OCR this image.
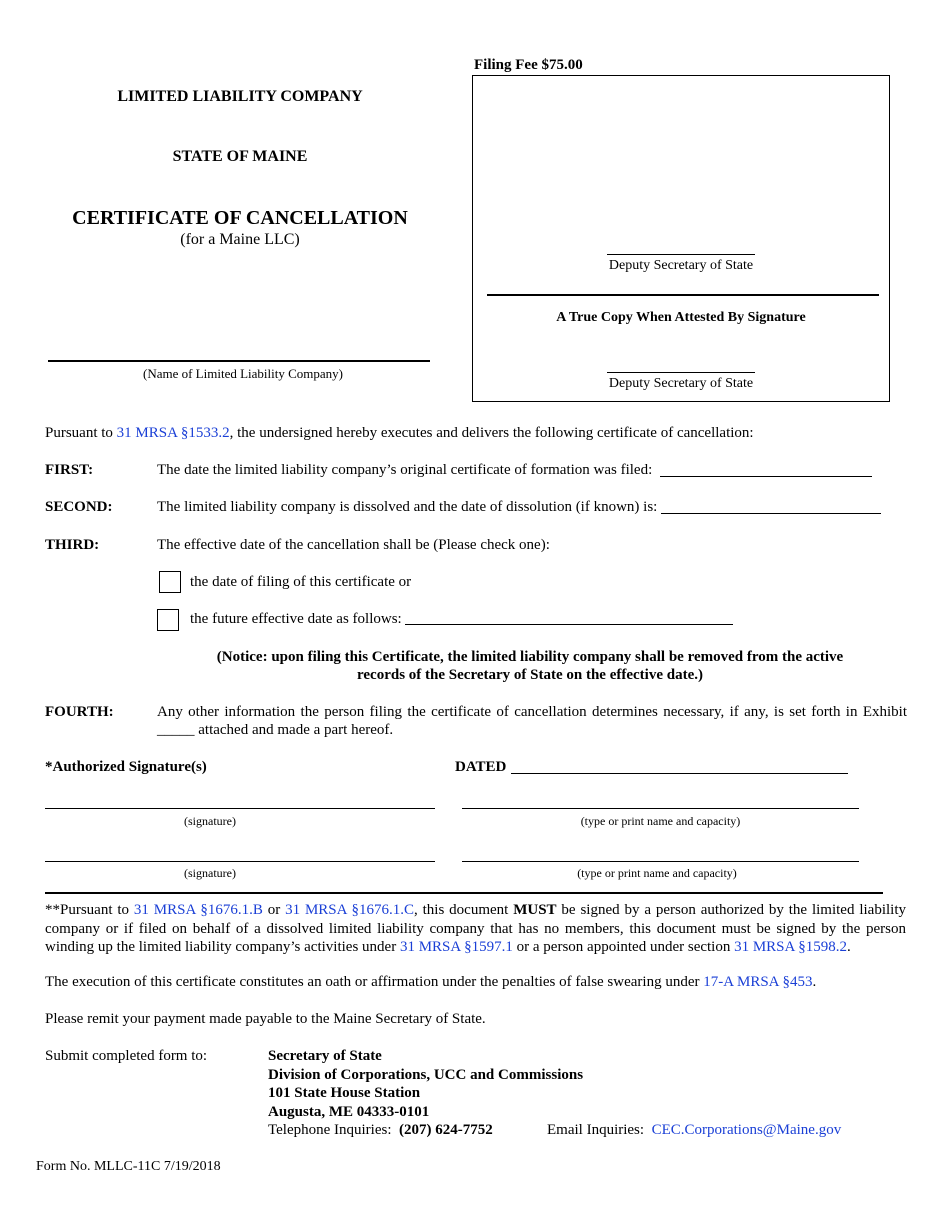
LIMITED LIABILITY COMPANY
STATE OF MAINE
CERTIFICATE OF CANCELLATION
(for a Maine LLC)
(Name of Limited Liability Company)
Filing Fee $75.00
Deputy Secretary of State
A True Copy When Attested By Signature
Deputy Secretary of State
Pursuant to 31 MRSA §1533.2, the undersigned hereby executes and delivers the following certificate of cancellation:
FIRST:	The date the limited liability company’s original certificate of formation was filed:
SECOND:	The limited liability company is dissolved and the date of dissolution (if known) is:
THIRD:	The effective date of the cancellation shall be (Please check one):
the date of filing of this certificate or
the future effective date as follows:
(Notice: upon filing this Certificate, the limited liability company shall be removed from the active
records of the Secretary of State on the effective date.)
FOURTH:	Any other information the person filing the certificate of cancellation determines necessary, if any, is set forth in Exhibit
_____ attached and made a part hereof.
*Authorized Signature(s)	DATED
(signature)	(type or print name and capacity)
(signature)	(type or print name and capacity)
**Pursuant to 31 MRSA §1676.1.B or 31 MRSA §1676.1.C, this document MUST be signed by a person authorized by the limited liability company or if filed on behalf of a dissolved limited liability company that has no members, this document must be signed by the person winding up the limited liability company’s activities under 31 MRSA §1597.1 or a person appointed under section 31 MRSA §1598.2.
The execution of this certificate constitutes an oath or affirmation under the penalties of false swearing under 17-A MRSA §453.
Please remit your payment made payable to the Maine Secretary of State.
Submit completed form to:	Secretary of State
Division of Corporations, UCC and Commissions
101 State House Station
Augusta, ME 04333-0101
Telephone Inquiries: (207) 624-7752	Email Inquiries: CEC.Corporations@Maine.gov
Form No. MLLC-11C 7/19/2018
